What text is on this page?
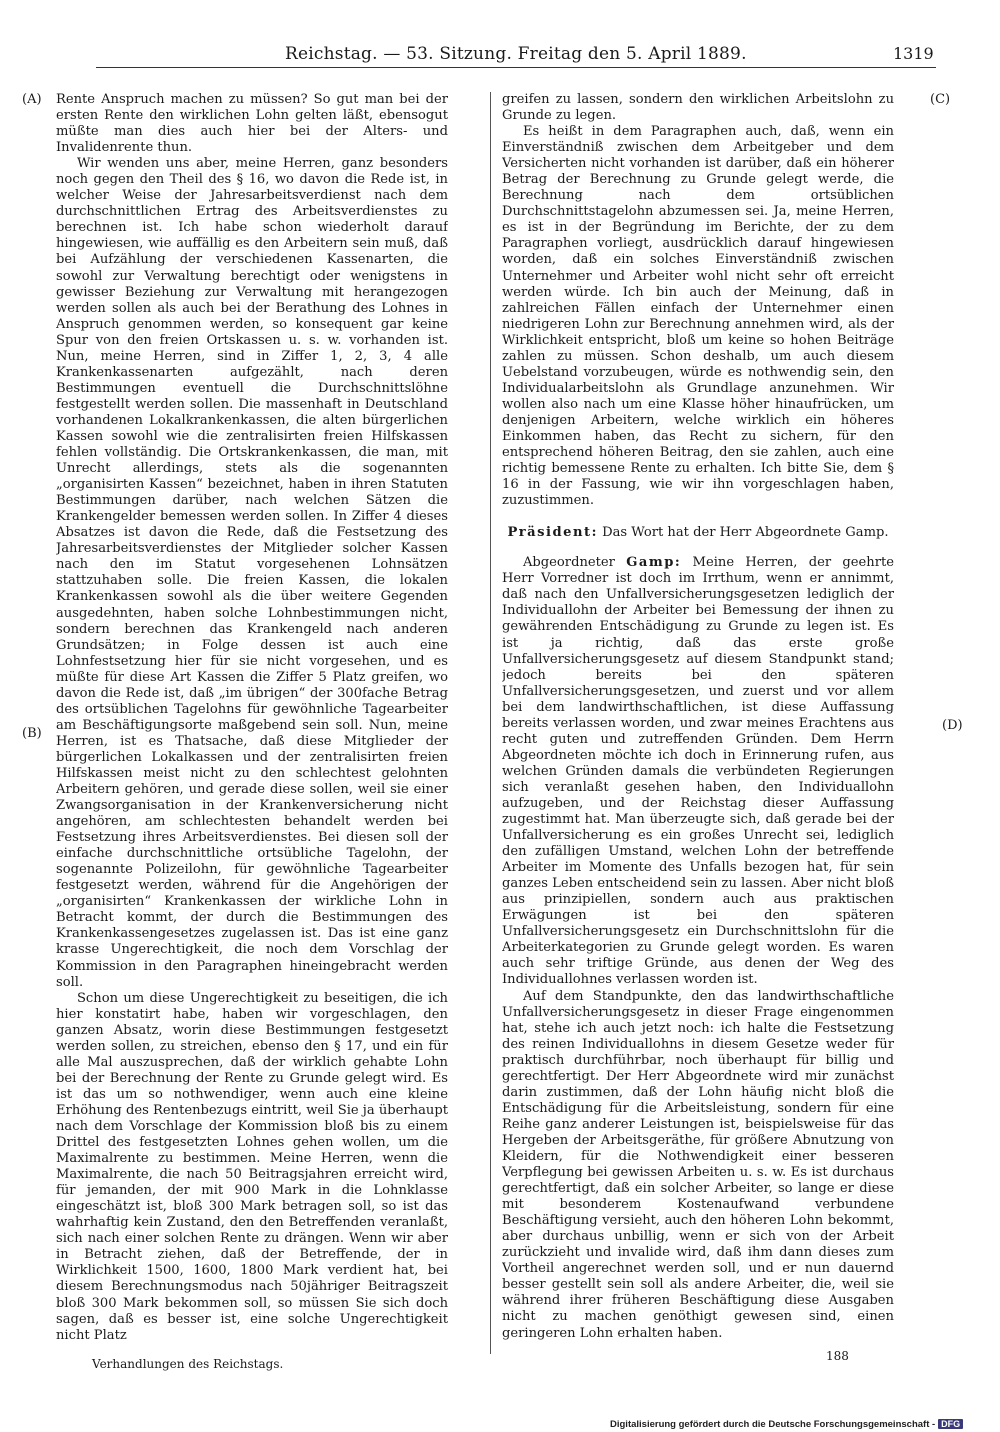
Reichstag. — 53. Sitzung. Freitag den 5. April 1889.	1319
(A)
(B)
(C)
(D)

Rente Anspruch machen zu müssen? So gut man bei der ersten Rente den wirklichen Lohn gelten läßt, ebensogut müßte man dies auch hier bei der Alters- und Invalidenrente thun.

Wir wenden uns aber, meine Herren, ganz besonders noch gegen den Theil des § 16, wo davon die Rede ist, in welcher Weise der Jahresarbeitsverdienst nach dem durchschnittlichen Ertrag des Arbeitsverdienstes zu berechnen ist. Ich habe schon wiederholt darauf hingewiesen, wie auffällig es den Arbeitern sein muß, daß bei Aufzählung der verschiedenen Kassenarten, die sowohl zur Verwaltung berechtigt oder wenigstens in gewisser Beziehung zur Verwaltung mit herangezogen werden sollen als auch bei der Berathung des Lohnes in Anspruch genommen werden, so konsequent gar keine Spur von den freien Ortskassen u. s. w. vorhanden ist. Nun, meine Herren, sind in Ziffer 1, 2, 3, 4 alle Krankenkassenarten aufgezählt, nach deren Bestimmungen eventuell die Durchschnittslöhne festgestellt werden sollen. Die massenhaft in Deutschland vorhandenen Lokalkrankenkassen, die alten bürgerlichen Kassen sowohl wie die zentralisirten freien Hilfskassen fehlen vollständig. Die Ortskrankenkassen, die man, mit Unrecht allerdings, stets als die sogenannten „organisirten Kassen“ bezeichnet, haben in ihren Statuten Bestimmungen darüber, nach welchen Sätzen die Krankengelder bemessen werden sollen. In Ziffer 4 dieses Absatzes ist davon die Rede, daß die Festsetzung des Jahresarbeitsverdienstes der Mitglieder solcher Kassen nach den im Statut vorgesehenen Lohnsätzen stattzuhaben solle. Die freien Kassen, die lokalen Krankenkassen sowohl als die über weitere Gegenden ausgedehnten, haben solche Lohnbestimmungen nicht, sondern berechnen das Krankengeld nach anderen Grundsätzen; in Folge dessen ist auch eine Lohnfestsetzung hier für sie nicht vorgesehen, und es müßte für diese Art Kassen die Ziffer 5 Platz greifen, wo davon die Rede ist, daß „im übrigen“ der 300fache Betrag des ortsüblichen Tagelohns für gewöhnliche Tagearbeiter am Beschäftigungsorte maßgebend sein soll. Nun, meine Herren, ist es Thatsache, daß diese Mitglieder der bürgerlichen Lokalkassen und der zentralisirten freien Hilfskassen meist nicht zu den schlechtest gelohnten Arbeitern gehören, und gerade diese sollen, weil sie einer Zwangsorganisation in der Krankenversicherung nicht angehören, am schlechtesten behandelt werden bei Festsetzung ihres Arbeitsverdienstes. Bei diesen soll der einfache durchschnittliche ortsübliche Tagelohn, der sogenannte Polizeilohn, für gewöhnliche Tagearbeiter festgesetzt werden, während für die Angehörigen der „organisirten“ Krankenkassen der wirkliche Lohn in Betracht kommt, der durch die Bestimmungen des Krankenkassengesetzes zugelassen ist. Das ist eine ganz krasse Ungerechtigkeit, die noch dem Vorschlag der Kommission in den Paragraphen hineingebracht werden soll.

Schon um diese Ungerechtigkeit zu beseitigen, die ich hier konstatirt habe, haben wir vorgeschlagen, den ganzen Absatz, worin diese Bestimmungen festgesetzt werden sollen, zu streichen, ebenso den § 17, und ein für alle Mal auszusprechen, daß der wirklich gehabte Lohn bei der Berechnung der Rente zu Grunde gelegt wird. Es ist das um so nothwendiger, wenn auch eine kleine Erhöhung des Rentenbezugs eintritt, weil Sie ja überhaupt nach dem Vorschlage der Kommission bloß bis zu einem Drittel des festgesetzten Lohnes gehen wollen, um die Maximalrente zu bestimmen. Meine Herren, wenn die Maximalrente, die nach 50 Beitragsjahren erreicht wird, für jemanden, der mit 900 Mark in die Lohnklasse eingeschätzt ist, bloß 300 Mark betragen soll, so ist das wahrhaftig kein Zustand, den den Betreffenden veranlaßt, sich nach einer solchen Rente zu drängen. Wenn wir aber in Betracht ziehen, daß der Betreffende, der in Wirklichkeit 1500, 1600, 1800 Mark verdient hat, bei diesem Berechnungsmodus nach 50jähriger Beitragszeit bloß 300 Mark bekommen soll, so müssen Sie sich doch sagen, daß es besser ist, eine solche Ungerechtigkeit nicht Platz

greifen zu lassen, sondern den wirklichen Arbeitslohn zu Grunde zu legen.

Es heißt in dem Paragraphen auch, daß, wenn ein Einverständniß zwischen dem Arbeitgeber und dem Versicherten nicht vorhanden ist darüber, daß ein höherer Betrag der Berechnung zu Grunde gelegt werde, die Berechnung nach dem ortsüblichen Durchschnittstagelohn abzumessen sei. Ja, meine Herren, es ist in der Begründung im Berichte, der zu dem Paragraphen vorliegt, ausdrücklich darauf hingewiesen worden, daß ein solches Einverständniß zwischen Unternehmer und Arbeiter wohl nicht sehr oft erreicht werden würde. Ich bin auch der Meinung, daß in zahlreichen Fällen einfach der Unternehmer einen niedrigeren Lohn zur Berechnung annehmen wird, als der Wirklichkeit entspricht, bloß um keine so hohen Beiträge zahlen zu müssen. Schon deshalb, um auch diesem Uebelstand vorzubeugen, würde es nothwendig sein, den Individualarbeitslohn als Grundlage anzunehmen. Wir wollen also nach um eine Klasse höher hinaufrücken, um denjenigen Arbeitern, welche wirklich ein höheres Einkommen haben, das Recht zu sichern, für den entsprechend höheren Beitrag, den sie zahlen, auch eine richtig bemessene Rente zu erhalten. Ich bitte Sie, dem § 16 in der Fassung, wie wir ihn vorgeschlagen haben, zuzustimmen.

Präsident: Das Wort hat der Herr Abgeordnete Gamp.

Abgeordneter Gamp: Meine Herren, der geehrte Herr Vorredner ist doch im Irrthum, wenn er annimmt, daß nach den Unfallversicherungsgesetzen lediglich der Individuallohn der Arbeiter bei Bemessung der ihnen zu gewährenden Entschädigung zu Grunde zu legen ist. Es ist ja richtig, daß das erste große Unfallversicherungsgesetz auf diesem Standpunkt stand; jedoch bereits bei den späteren Unfallversicherungsgesetzen, und zuerst und vor allem bei dem landwirthschaftlichen, ist diese Auffassung bereits verlassen worden, und zwar meines Erachtens aus recht guten und zutreffenden Gründen. Dem Herrn Abgeordneten möchte ich doch in Erinnerung rufen, aus welchen Gründen damals die verbündeten Regierungen sich veranlaßt gesehen haben, den Individuallohn aufzugeben, und der Reichstag dieser Auffassung zugestimmt hat. Man überzeugte sich, daß gerade bei der Unfallversicherung es ein großes Unrecht sei, lediglich den zufälligen Umstand, welchen Lohn der betreffende Arbeiter im Momente des Unfalls bezogen hat, für sein ganzes Leben entscheidend sein zu lassen. Aber nicht bloß aus prinzipiellen, sondern auch aus praktischen Erwägungen ist bei den späteren Unfallversicherungsgesetz ein Durchschnittslohn für die Arbeiterkategorien zu Grunde gelegt worden. Es waren auch sehr triftige Gründe, aus denen der Weg des Individuallohnes verlassen worden ist.

Auf dem Standpunkte, den das landwirthschaftliche Unfallversicherungsgesetz in dieser Frage eingenommen hat, stehe ich auch jetzt noch: ich halte die Festsetzung des reinen Individuallohns in diesem Gesetze weder für praktisch durchführbar, noch überhaupt für billig und gerechtfertigt. Der Herr Abgeordnete wird mir zunächst darin zustimmen, daß der Lohn häufig nicht bloß die Entschädigung für die Arbeitsleistung, sondern für eine Reihe ganz anderer Leistungen ist, beispielsweise für das Hergeben der Arbeitsgeräthe, für größere Abnutzung von Kleidern, für die Nothwendigkeit einer besseren Verpflegung bei gewissen Arbeiten u. s. w. Es ist durchaus gerechtfertigt, daß ein solcher Arbeiter, so lange er diese mit besonderem Kostenaufwand verbundene Beschäftigung versieht, auch den höheren Lohn bekommt, aber durchaus unbillig, wenn er sich von der Arbeit zurückzieht und invalide wird, daß ihm dann dieses zum Vortheil angerechnet werden soll, und er nun dauernd besser gestellt sein soll als andere Arbeiter, die, weil sie während ihrer früheren Beschäftigung diese Ausgaben nicht zu machen genöthigt gewesen sind, einen geringeren Lohn erhalten haben.

Verhandlungen des Reichstags.
188
Digitalisierung gefördert durch die Deutsche Forschungsgemeinschaft - DFG
